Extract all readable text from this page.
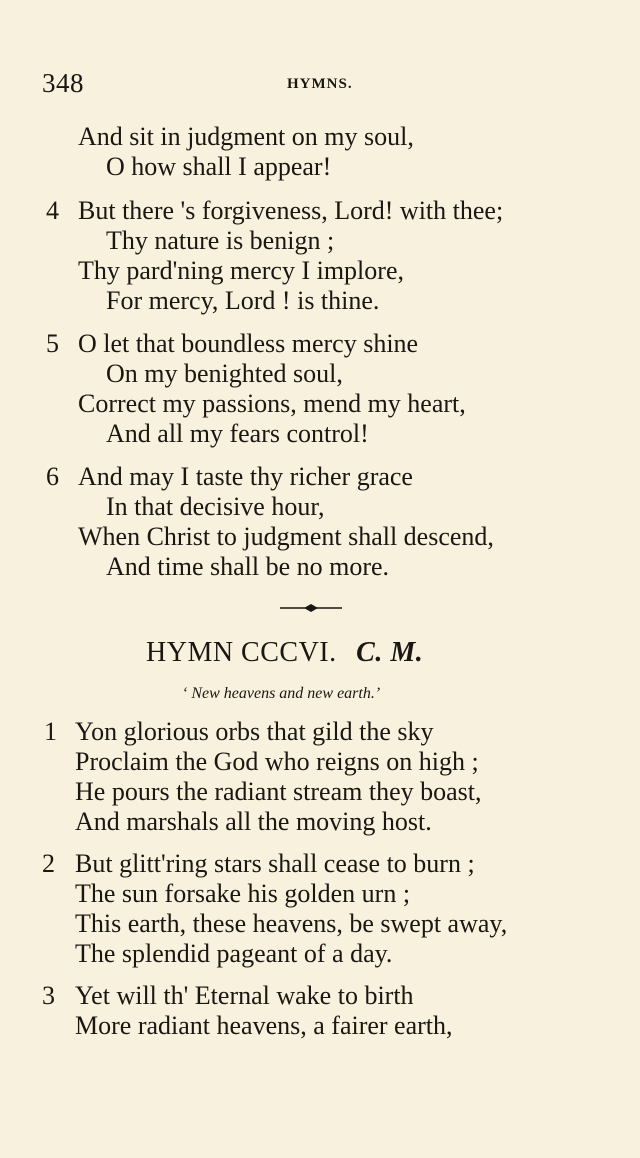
348	HYMNS.
And sit in judgment on my soul,
O how shall I appear!
4 But there 's forgiveness, Lord! with thee;
Thy nature is benign ;
Thy pard'ning mercy I implore,
For mercy, Lord ! is thine.
5 O let that boundless mercy shine
On my benighted soul,
Correct my passions, mend my heart,
And all my fears control!
6 And may I taste thy richer grace
In that decisive hour,
When Christ to judgment shall descend,
And time shall be no more.
HYMN CCCVI. C. M.
‘ New heavens and new earth.’
1 Yon glorious orbs that gild the sky
Proclaim the God who reigns on high ;
He pours the radiant stream they boast,
And marshals all the moving host.
2 But glitt'ring stars shall cease to burn ;
The sun forsake his golden urn ;
This earth, these heavens, be swept away,
The splendid pageant of a day.
3 Yet will th' Eternal wake to birth
More radiant heavens, a fairer earth,
